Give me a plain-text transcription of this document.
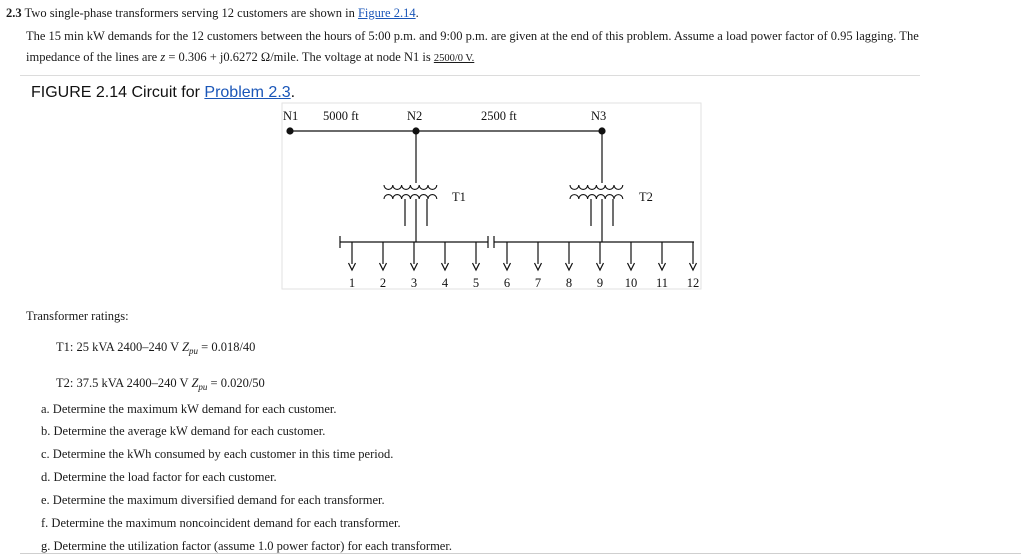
2.3 Two single-phase transformers serving 12 customers are shown in Figure 2.14.
The 15 min kW demands for the 12 customers between the hours of 5:00 p.m. and 9:00 p.m. are given at the end of this problem. Assume a load power factor of 0.95 lagging. The
impedance of the lines are z = 0.306 + j0.6272 Ω/mile. The voltage at node N1 is 2500/0 V.
FIGURE 2.14 Circuit for Problem 2.3.
N1 5000 ft	N2	2500 ft	N3
T1	T2
1 2 3 4 5 6 7 8 9 10 11 12
Transformer ratings:
T1: 25 kVA 2400–240 V $Z_{pu} = 0.018/40$
T2: 37.5 kVA 2400–240 V $Z_{pu} = 0.020/50$
a. Determine the maximum kW demand for each customer.
b. Determine the average kW demand for each customer.
c. Determine the kWh consumed by each customer in this time period.
d. Determine the load factor for each customer.
e. Determine the maximum diversified demand for each transformer.
f. Determine the maximum noncoincident demand for each transformer.
g. Determine the utilization factor (assume 1.0 power factor) for each transformer.
